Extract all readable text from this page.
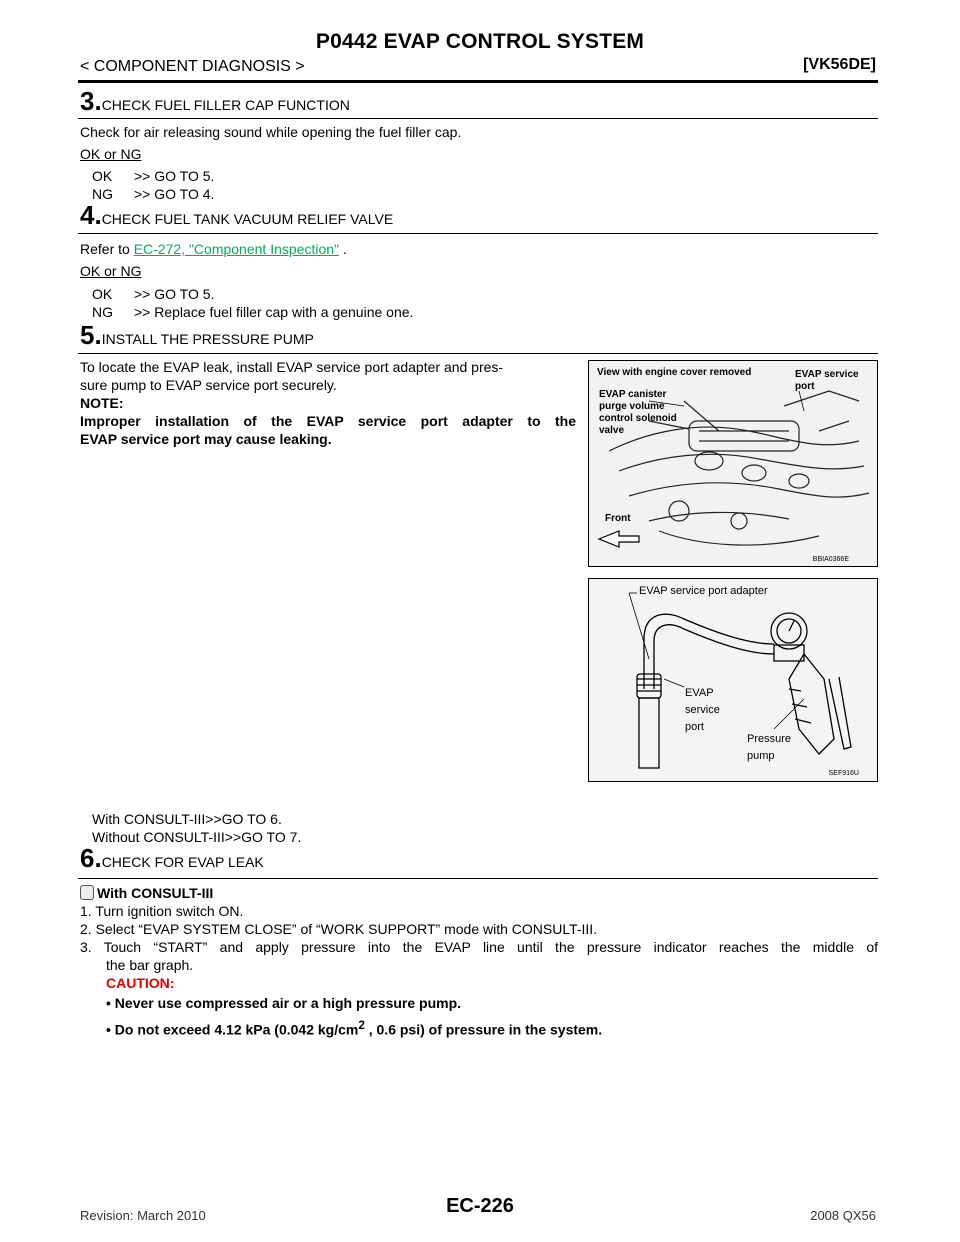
P0442 EVAP CONTROL SYSTEM
< COMPONENT DIAGNOSIS >	[VK56DE]
3.CHECK FUEL FILLER CAP FUNCTION
Check for air releasing sound while opening the fuel filler cap.
OK or NG
OK >> GO TO 5.
NG >> GO TO 4.
4.CHECK FUEL TANK VACUUM RELIEF VALVE
Refer to EC-272, "Component Inspection" .
OK or NG
OK >> GO TO 5.
NG >> Replace fuel filler cap with a genuine one.
5.INSTALL THE PRESSURE PUMP
To locate the EVAP leak, install EVAP service port adapter and pres-
sure pump to EVAP service port securely.
NOTE:
Improper installation of the EVAP service port adapter to the
EVAP service port may cause leaking.
View with engine cover removed	EVAP service
port
EVAP canister
purge volume
control solenoid
valve
Front
BBIA0366E
EVAP service port adapter
EVAP
service
port
Pressure
pump
SEF916U
With CONSULT-III>>GO TO 6.
Without CONSULT-III>>GO TO 7.
6.CHECK FOR EVAP LEAK
With CONSULT-III
1. Turn ignition switch ON.
2. Select “EVAP SYSTEM CLOSE” of “WORK SUPPORT” mode with CONSULT-III.
3. Touch “START” and apply pressure into the EVAP line until the pressure indicator reaches the middle of
the bar graph.
CAUTION:
• Never use compressed air or a high pressure pump.
• Do not exceed 4.12 kPa (0.042 $kg/cm^2$ , 0.6 psi) of pressure in the system.
Revision: March 2010	EC-226	2008 QX56
